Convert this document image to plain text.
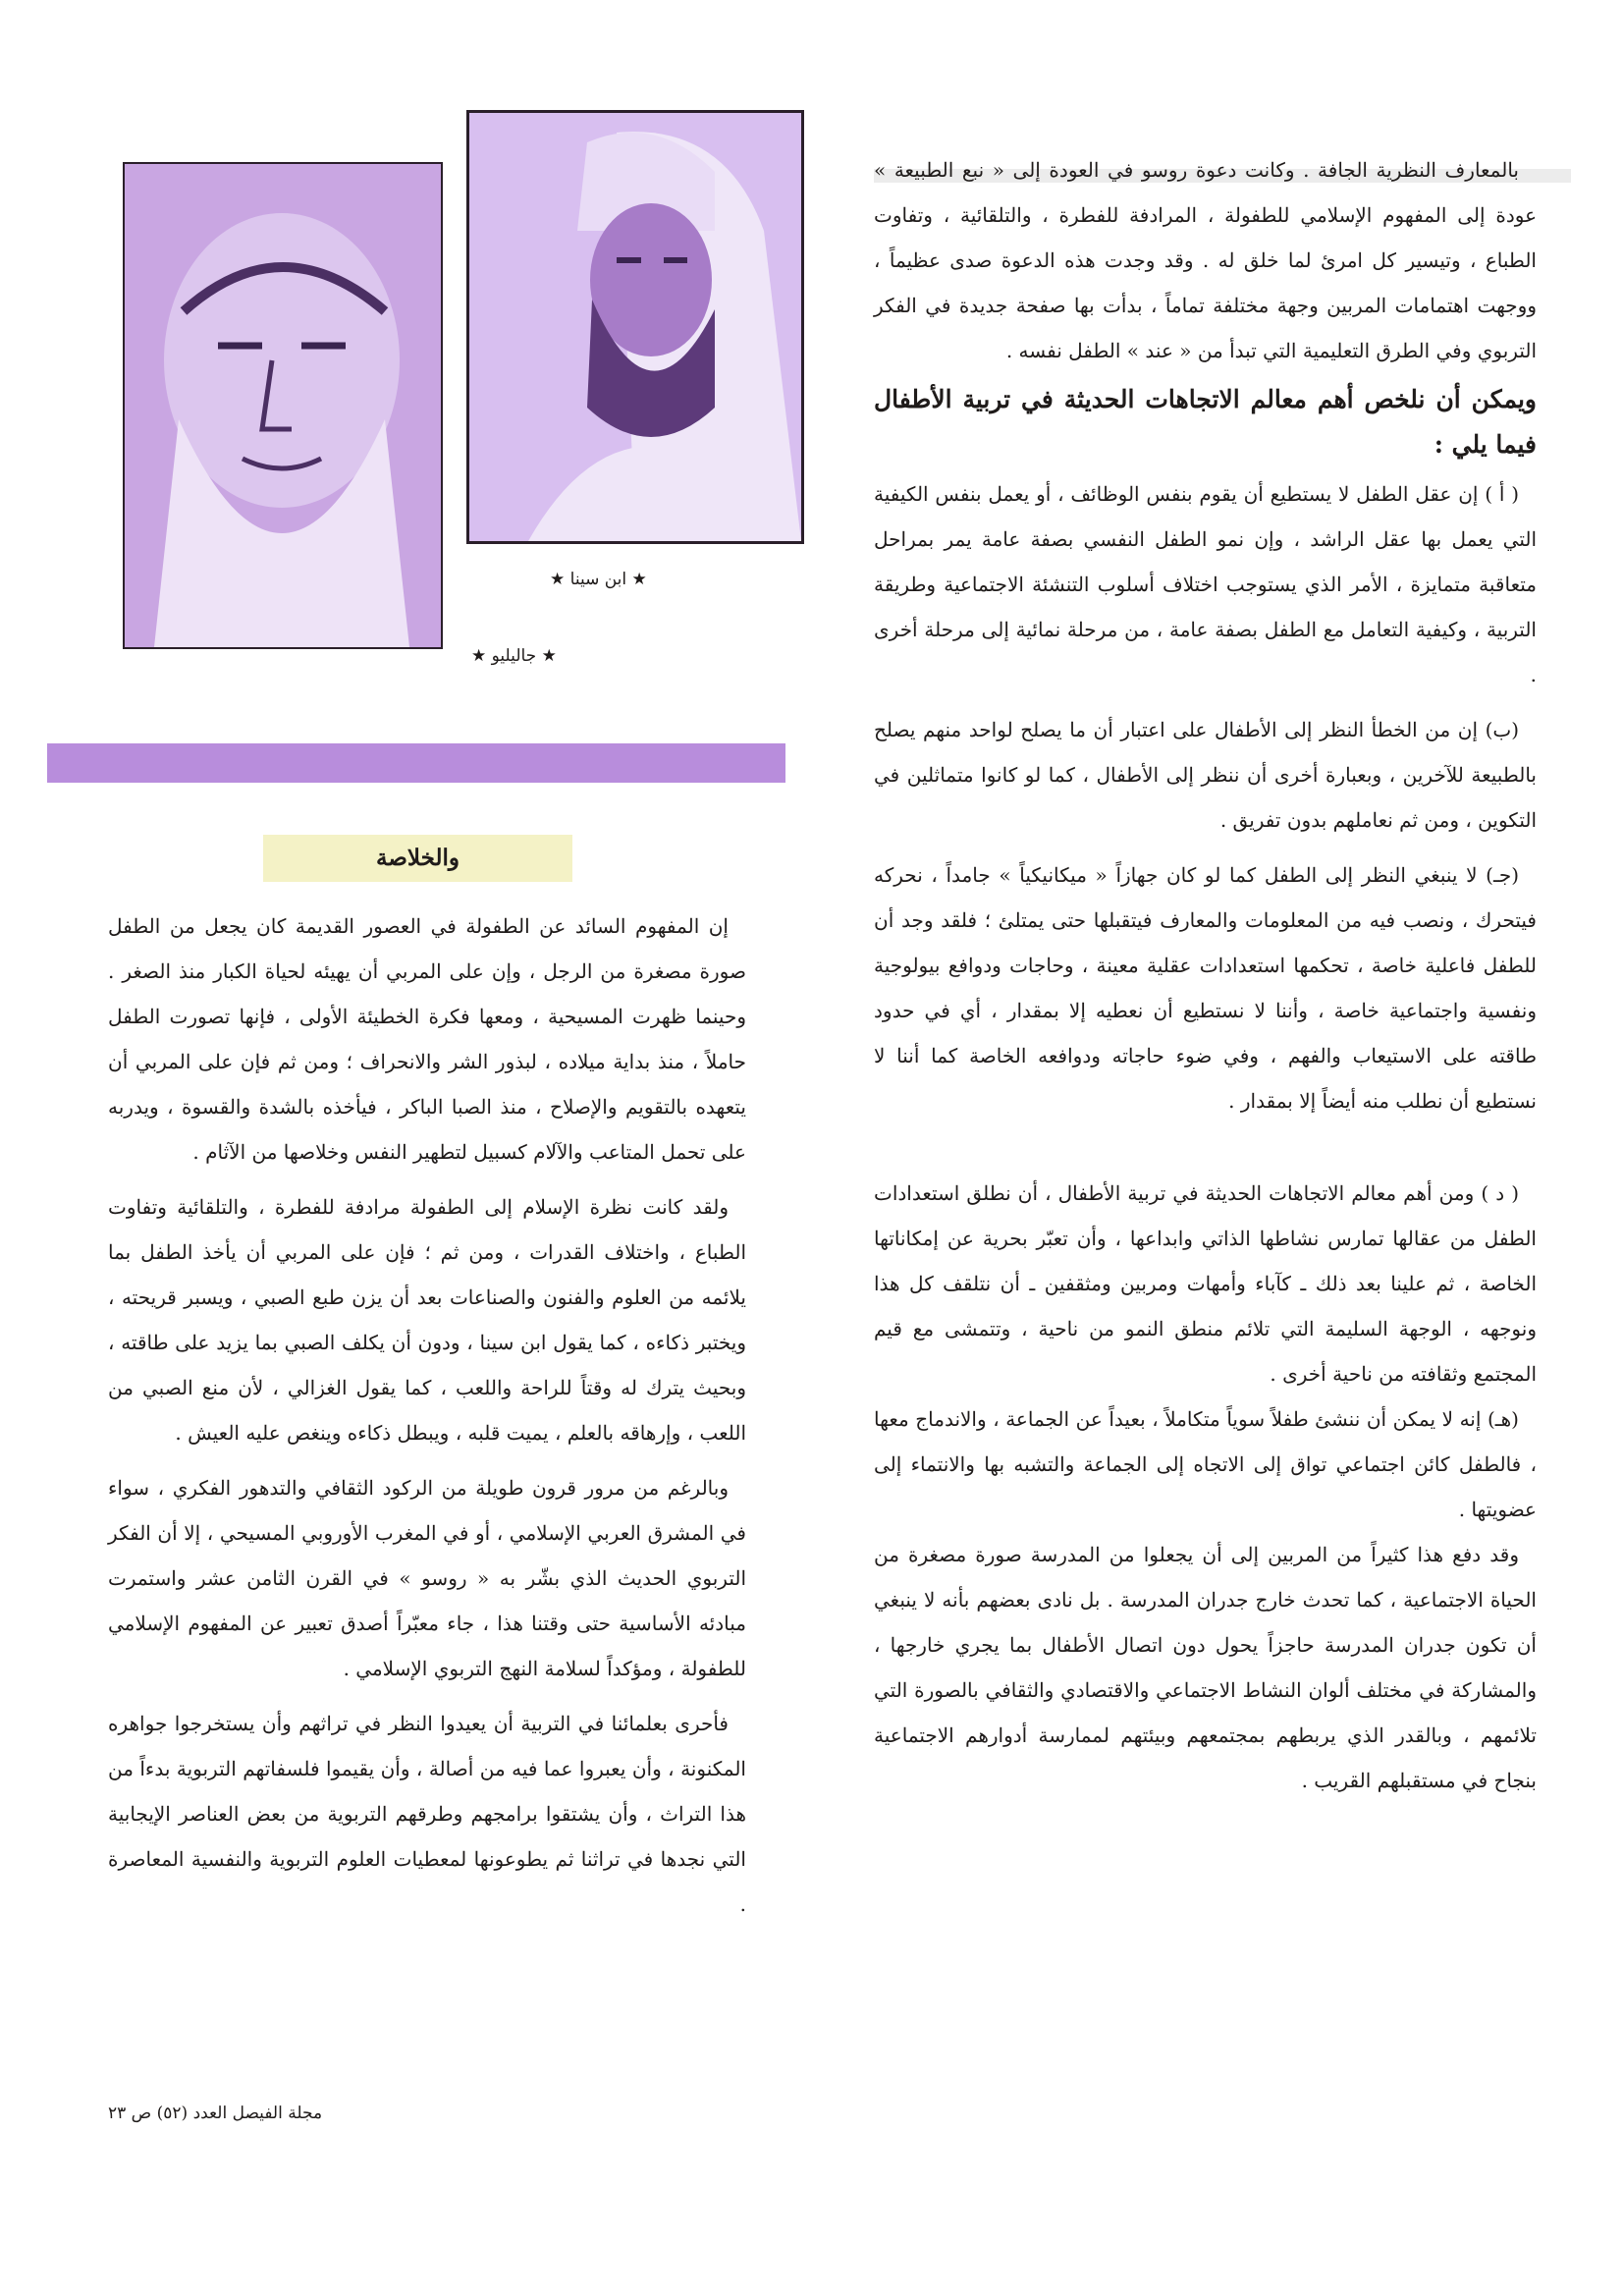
بالمعارف النظرية الجافة . وكانت دعوة روسو في العودة إلى « نبع الطبيعة » عودة إلى المفهوم الإسلامي للطفولة ، المرادفة للفطرة ، والتلقائية ، وتفاوت الطباع ، وتيسير كل امرئ لما خلق له . وقد وجدت هذه الدعوة صدى عظيماً ، ووجهت اهتمامات المربين وجهة مختلفة تماماً ، بدأت بها صفحة جديدة في الفكر التربوي وفي الطرق التعليمية التي تبدأ من « عند » الطفل نفسه .

ويمكن أن نلخص أهم معالم الاتجاهات الحديثة في تربية الأطفال فيما يلي :

( أ ) إن عقل الطفل لا يستطيع أن يقوم بنفس الوظائف ، أو يعمل بنفس الكيفية التي يعمل بها عقل الراشد ، وإن نمو الطفل النفسي بصفة عامة يمر بمراحل متعاقبة متمايزة ، الأمر الذي يستوجب اختلاف أسلوب التنشئة الاجتماعية وطريقة التربية ، وكيفية التعامل مع الطفل بصفة عامة ، من مرحلة نمائية إلى مرحلة أخرى .

(ب) إن من الخطأ النظر إلى الأطفال على اعتبار أن ما يصلح لواحد منهم يصلح بالطبيعة للآخرين ، وبعبارة أخرى أن ننظر إلى الأطفال ، كما لو كانوا متماثلين في التكوين ، ومن ثم نعاملهم بدون تفريق .

(جـ) لا ينبغي النظر إلى الطفل كما لو كان جهازاً « ميكانيكياً » جامداً ، نحركه فيتحرك ، ونصب فيه من المعلومات والمعارف فيتقبلها حتى يمتلئ ؛ فلقد وجد أن للطفل فاعلية خاصة ، تحكمها استعدادات عقلية معينة ، وحاجات ودوافع بيولوجية ونفسية واجتماعية خاصة ، وأننا لا نستطيع أن نعطيه إلا بمقدار ، أي في حدود طاقته على الاستيعاب والفهم ، وفي ضوء حاجاته ودوافعه الخاصة كما أننا لا نستطيع أن نطلب منه أيضاً إلا بمقدار .

( د ) ومن أهم معالم الاتجاهات الحديثة في تربية الأطفال ، أن نطلق استعدادات الطفل من عقالها تمارس نشاطها الذاتي وابداعها ، وأن تعبّر بحرية عن إمكاناتها الخاصة ، ثم علينا بعد ذلك ـ كآباء وأمهات ومربين ومثقفين ـ أن نتلقف كل هذا ونوجهه ، الوجهة السليمة التي تلائم منطق النمو من ناحية ، وتتمشى مع قيم المجتمع وثقافته من ناحية أخرى .

(هـ) إنه لا يمكن أن ننشئ طفلاً سوياً متكاملاً ، بعيداً عن الجماعة ، والاندماج معها ، فالطفل كائن اجتماعي تواق إلى الاتجاه إلى الجماعة والتشبه بها والانتماء إلى عضويتها .

وقد دفع هذا كثيراً من المربين إلى أن يجعلوا من المدرسة صورة مصغرة من الحياة الاجتماعية ، كما تحدث خارج جدران المدرسة . بل نادى بعضهم بأنه لا ينبغي أن تكون جدران المدرسة حاجزاً يحول دون اتصال الأطفال بما يجري خارجها ، والمشاركة في مختلف ألوان النشاط الاجتماعي والاقتصادي والثقافي بالصورة التي تلائمهم ، وبالقدر الذي يربطهم بمجتمعهم وبيئتهم لممارسة أدوارهم الاجتماعية بنجاح في مستقبلهم القريب .

★ ابن سينا ★
★ جاليليو ★
والخلاصة

إن المفهوم السائد عن الطفولة في العصور القديمة كان يجعل من الطفل صورة مصغرة من الرجل ، وإن على المربي أن يهيئه لحياة الكبار منذ الصغر . وحينما ظهرت المسيحية ، ومعها فكرة الخطيئة الأولى ، فإنها تصورت الطفل حاملاً ، منذ بداية ميلاده ، لبذور الشر والانحراف ؛ ومن ثم فإن على المربي أن يتعهده بالتقويم والإصلاح ، منذ الصبا الباكر ، فيأخذه بالشدة والقسوة ، ويدربه على تحمل المتاعب والآلام كسبيل لتطهير النفس وخلاصها من الآثام .

ولقد كانت نظرة الإسلام إلى الطفولة مرادفة للفطرة ، والتلقائية وتفاوت الطباع ، واختلاف القدرات ، ومن ثم ؛ فإن على المربي أن يأخذ الطفل بما يلائمه من العلوم والفنون والصناعات بعد أن يزن طبع الصبي ، ويسبر قريحته ، ويختبر ذكاءه ، كما يقول ابن سينا ، ودون أن يكلف الصبي بما يزيد على طاقته ، وبحيث يترك له وقتاً للراحة واللعب ، كما يقول الغزالي ، لأن منع الصبي من اللعب ، وإرهاقه بالعلم ، يميت قلبه ، ويبطل ذكاءه وينغص عليه العيش .

وبالرغم من مرور قرون طويلة من الركود الثقافي والتدهور الفكري ، سواء في المشرق العربي الإسلامي ، أو في المغرب الأوروبي المسيحي ، إلا أن الفكر التربوي الحديث الذي بشّر به « روسو » في القرن الثامن عشر واستمرت مبادئه الأساسية حتى وقتنا هذا ، جاء معبّراً أصدق تعبير عن المفهوم الإسلامي للطفولة ، ومؤكداً لسلامة النهج التربوي الإسلامي .

فأحرى بعلمائنا في التربية أن يعيدوا النظر في تراثهم وأن يستخرجوا جواهره المكنونة ، وأن يعبروا عما فيه من أصالة ، وأن يقيموا فلسفاتهم التربوية بدءاً من هذا التراث ، وأن يشتقوا برامجهم وطرقهم التربوية من بعض العناصر الإيجابية التي نجدها في تراثنا ثم يطوعونها لمعطيات العلوم التربوية والنفسية المعاصرة .

مجلة الفيصل العدد (٥٢) ص ٢٣
